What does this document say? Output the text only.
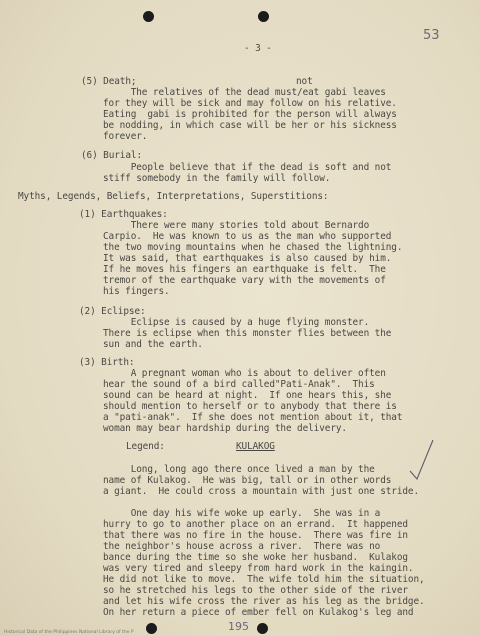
- 3 -
53
(5) Death;	not
The relatives of the dead must/eat gabi leaves
for they will be sick and may follow on his relative.
Eating  gabi is prohibited for the person will always
be nodding, in which case will be her or his sickness
forever.
(6) Burial:
People believe that if the dead is soft and not
stiff somebody in the family will follow.
Myths, Legends, Beliefs, Interpretations, Superstitions:
(1) Earthquakes:
There were many stories told about Bernardo
Carpio.  He was known to us as the man who supported
the two moving mountains when he chased the lightning.
It was said, that earthquakes is also caused by him.
If he moves his fingers an earthquake is felt.  The
tremor of the earthquake vary with the movements of
his fingers.
(2) Eclipse:
Eclipse is caused by a huge flying monster.
There is eclipse when this monster flies between the
sun and the earth.
(3) Birth:
A pregnant woman who is about to deliver often
hear the sound of a bird called"Pati-Anak".  This
sound can be heard at night.  If one hears this, she
should mention to herself or to anybody that there is
a "pati-anak".  If she does not mention about it, that
woman may bear hardship during the delivery.
Legend:	KULAKOG
Long, long ago there once lived a man by the
name of Kulakog.  He was big, tall or in other words
a giant.  He could cross a mountain with just one stride.
One day his wife woke up early.  She was in a
hurry to go to another place on an errand.  It happened
that there was no fire in the house.  There was fire in
the neighbor's house across a river.  There was no
bance during the time so she woke her husband.  Kulakog
was very tired and sleepy from hard work in the kaingin.
He did not like to move.  The wife told him the situation,
so he stretched his legs to the other side of the river
and let his wife cross the river as his leg as the bridge.
On her return a piece of ember fell on Kulakog's leg and
195
Historical Data of the Philippines National Library of the P
